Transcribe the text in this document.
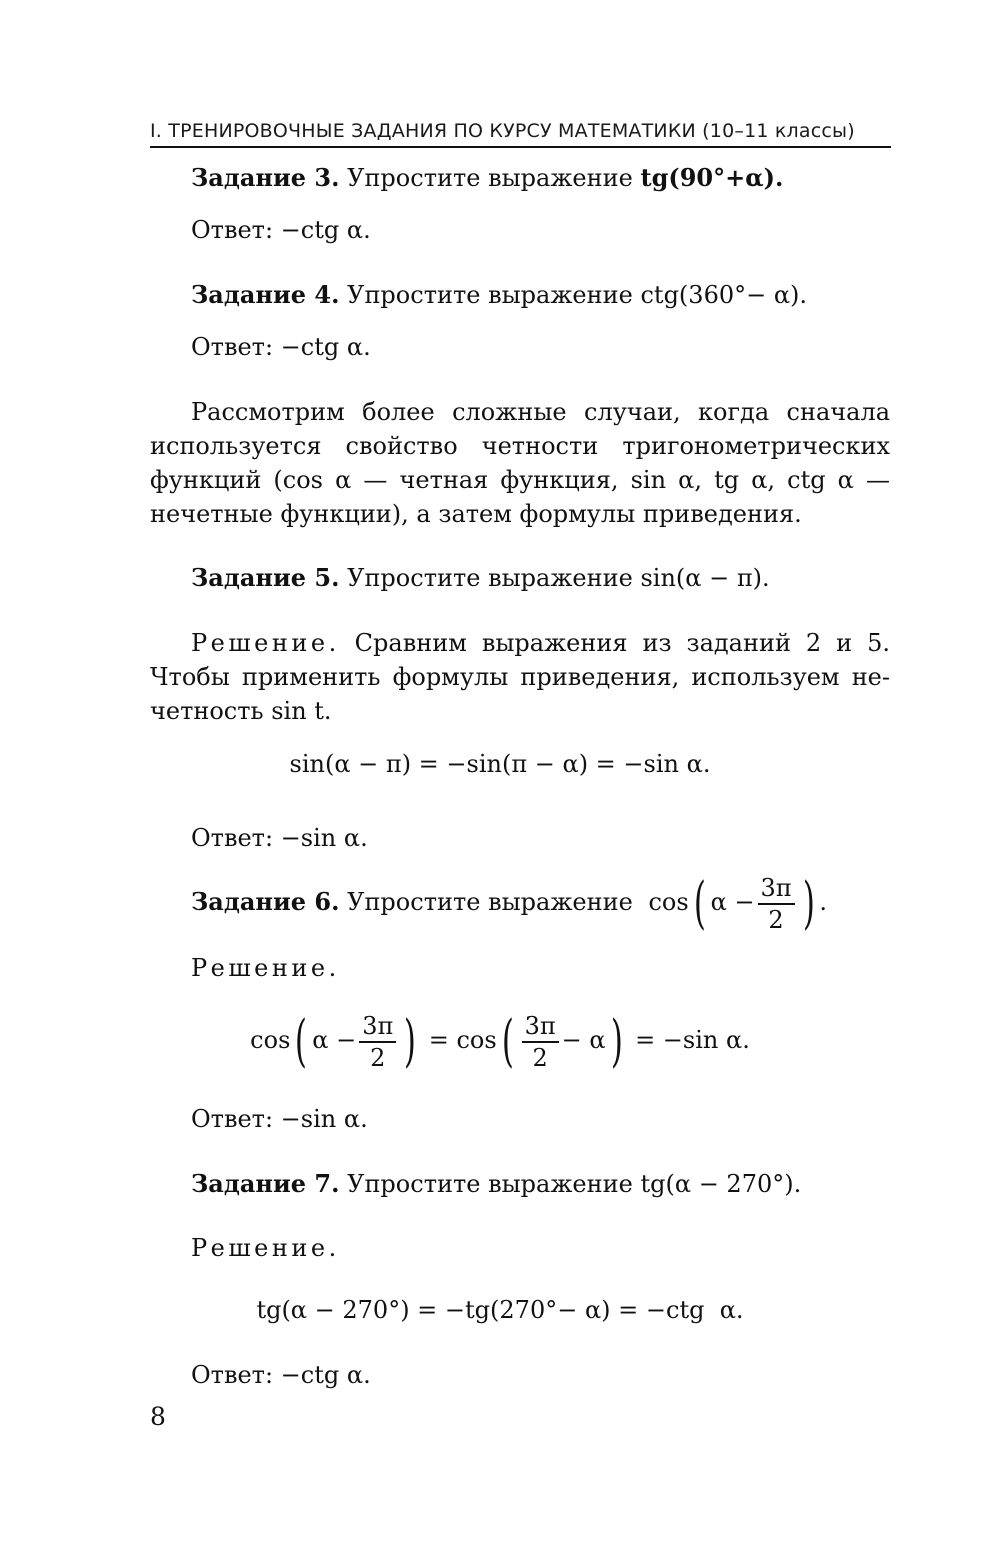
I. ТРЕНИРОВОЧНЫЕ ЗАДАНИЯ ПО КУРСУ МАТЕМАТИКИ (10–11 классы)
Задание 3. Упростите выражение tg(90°+α).
Ответ: −ctg α.
Задание 4. Упростите выражение ctg(360°− α).
Ответ: −ctg α.
Рассмотрим более сложные случаи, когда сначала
используется свойство четности тригонометрических
функций (cos α — четная функция, sin α, tg α, ctg α —
нечетные функции), а затем формулы приведения.
Задание 5. Упростите выражение sin(α − π).
Решение. Сравним выражения из заданий 2 и 5.
Чтобы применить формулы приведения, используем не-
четность sin t.
sin(α − π) = −sin(π − α) = −sin α.
Ответ: −sin α.
Задание 6. Упростите выражение cos( $\alpha - \frac{3\pi}{2}$ ) .
Решение.
cos( $\alpha - \frac{3\pi}{2}$ ) = $\cos( \frac{3\pi}{2} - \alpha) = -\sin$ α.
Ответ: −sin α.
Задание 7. Упростите выражение tg(α − 270°).
Решение.
tg(α − 270°) = −tg(270°− α) = −ctg  α.
Ответ: −ctg α.
8
